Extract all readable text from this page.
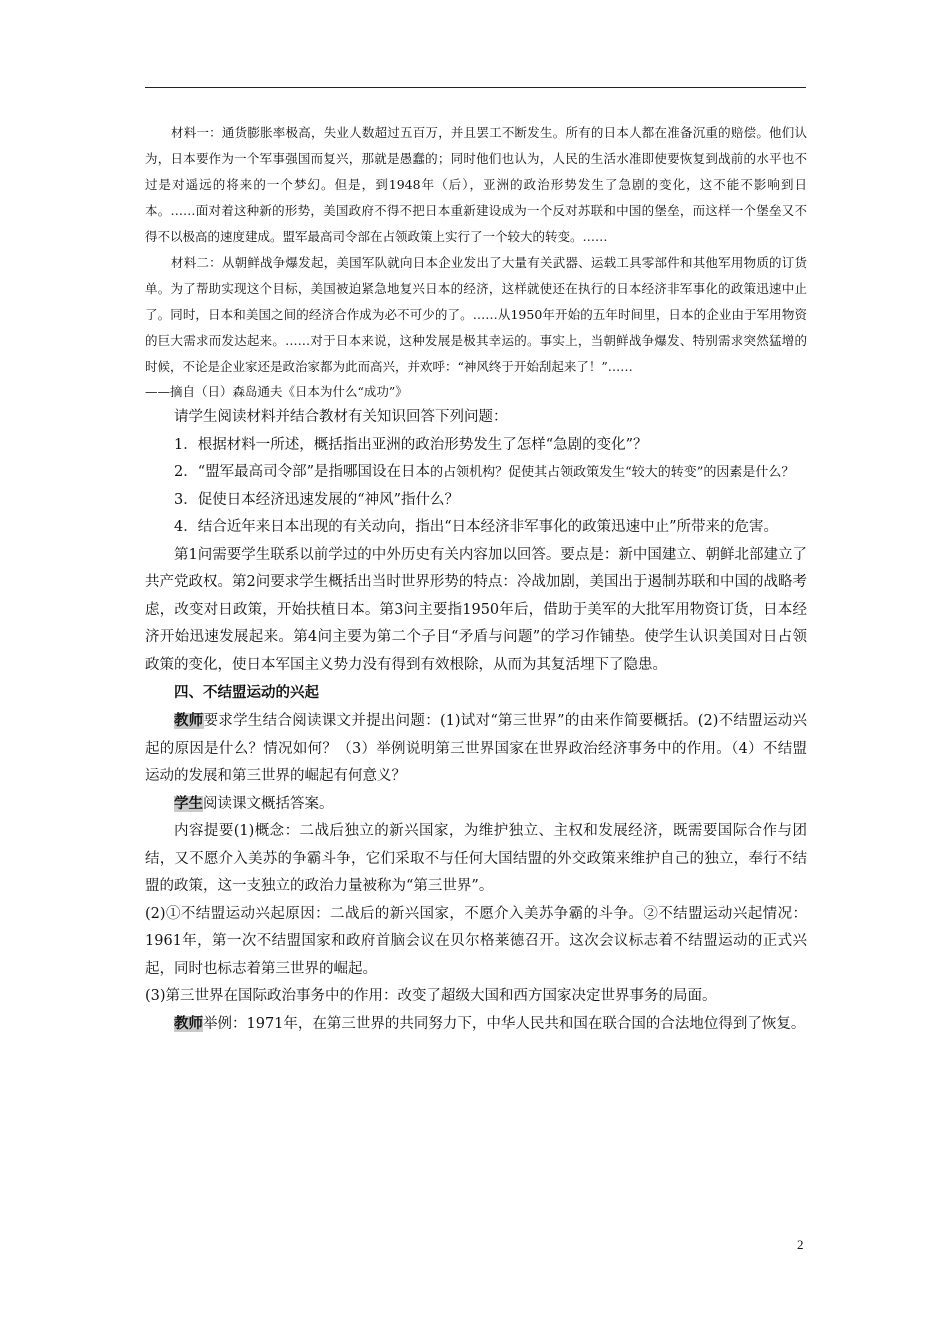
材料一：通货膨胀率极高，失业人数超过五百万，并且罢工不断发生。所有的日本人都在准备沉重的赔偿。他们认为，日本要作为一个军事强国而复兴，那就是愚蠢的；同时他们也认为，人民的生活水准即使要恢复到战前的水平也不过是对遥远的将来的一个梦幻。但是，到1948年（后），亚洲的政治形势发生了急剧的变化，这不能不影响到日本。……面对着这种新的形势，美国政府不得不把日本重新建设成为一个反对苏联和中国的堡垒，而这样一个堡垒又不得不以极高的速度建成。盟军最高司令部在占领政策上实行了一个较大的转变。……

材料二：从朝鲜战争爆发起，美国军队就向日本企业发出了大量有关武器、运载工具零部件和其他军用物质的订货单。为了帮助实现这个目标，美国被迫紧急地复兴日本的经济，这样就使还在执行的日本经济非军事化的政策迅速中止了。同时，日本和美国之间的经济合作成为必不可少的了。……从1950年开始的五年时间里，日本的企业由于军用物资的巨大需求而发达起来。……对于日本来说，这种发展是极其幸运的。事实上，当朝鲜战争爆发、特别需求突然猛增的时候，不论是企业家还是政治家都为此而高兴，并欢呼：“神风终于开始刮起来了！”……

——摘自（日）森岛通夫《日本为什么“成功”》

请学生阅读材料并结合教材有关知识回答下列问题：

1．根据材料一所述，概括指出亚洲的政治形势发生了怎样“急剧的变化”？

2．“盟军最高司令部”是指哪国设在日本的占领机构？促使其占领政策发生“较大的转变”的因素是什么？

3．促使日本经济迅速发展的“神风”指什么？

4．结合近年来日本出现的有关动向，指出“日本经济非军事化的政策迅速中止”所带来的危害。

第1问需要学生联系以前学过的中外历史有关内容加以回答。要点是：新中国建立、朝鲜北部建立了共产党政权。第2问要求学生概括出当时世界形势的特点：冷战加剧，美国出于遏制苏联和中国的战略考虑，改变对日政策，开始扶植日本。第3问主要指1950年后，借助于美军的大批军用物资订货，日本经济开始迅速发展起来。第4问主要为第二个子目“矛盾与问题”的学习作铺垫。使学生认识美国对日占领政策的变化，使日本军国主义势力没有得到有效根除，从而为其复活埋下了隐患。

四、不结盟运动的兴起

教师要求学生结合阅读课文并提出问题：(1)试对“第三世界”的由来作简要概括。(2)不结盟运动兴起的原因是什么？情况如何？（3）举例说明第三世界国家在世界政治经济事务中的作用。（4）不结盟运动的发展和第三世界的崛起有何意义？

学生阅读课文概括答案。

内容提要(1)概念：二战后独立的新兴国家，为维护独立、主权和发展经济，既需要国际合作与团结，又不愿介入美苏的争霸斗争，它们采取不与任何大国结盟的外交政策来维护自己的独立，奉行不结盟的政策，这一支独立的政治力量被称为“第三世界”。

(2)①不结盟运动兴起原因：二战后的新兴国家，不愿介入美苏争霸的斗争。②不结盟运动兴起情况：1961年，第一次不结盟国家和政府首脑会议在贝尔格莱德召开。这次会议标志着不结盟运动的正式兴起，同时也标志着第三世界的崛起。

(3)第三世界在国际政治事务中的作用：改变了超级大国和西方国家决定世界事务的局面。

教师举例：1971年，在第三世界的共同努力下，中华人民共和国在联合国的合法地位得到了恢复。

2
